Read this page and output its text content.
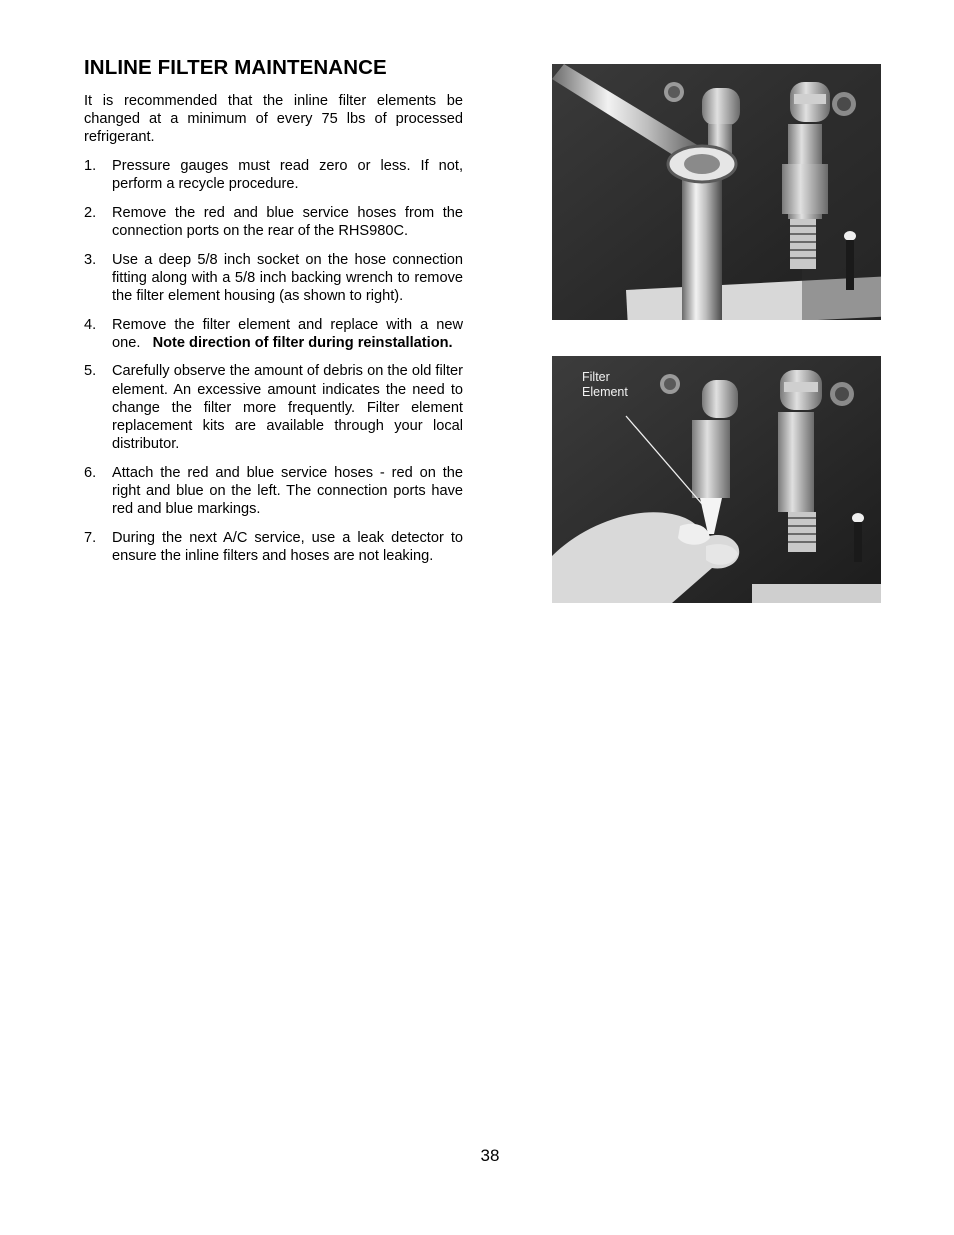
INLINE FILTER MAINTENANCE

It is recommended that the inline filter elements be changed at a minimum of every 75 lbs of processed refrigerant.

1. Pressure gauges must read zero or less. If not, perform a recycle procedure.
2. Remove the red and blue service hoses from the connection ports on the rear of the RHS980C.
3. Use a deep 5/8 inch socket on the hose connection fitting along with a 5/8 inch backing wrench to remove the filter element housing (as shown to right).
4. Remove the filter element and replace with a new one.   Note direction of filter during reinstallation.
5. Carefully observe the amount of debris on the old filter element. An excessive amount indicates the need to change the filter more frequently. Filter element replacement kits are available through your local distributor.
6. Attach the red and blue service hoses - red on the right and blue on the left. The connection ports have red and blue markings.
7. During the next A/C service, use a leak detector to ensure the inline filters and hoses are not leaking.
Filter
Element
38
